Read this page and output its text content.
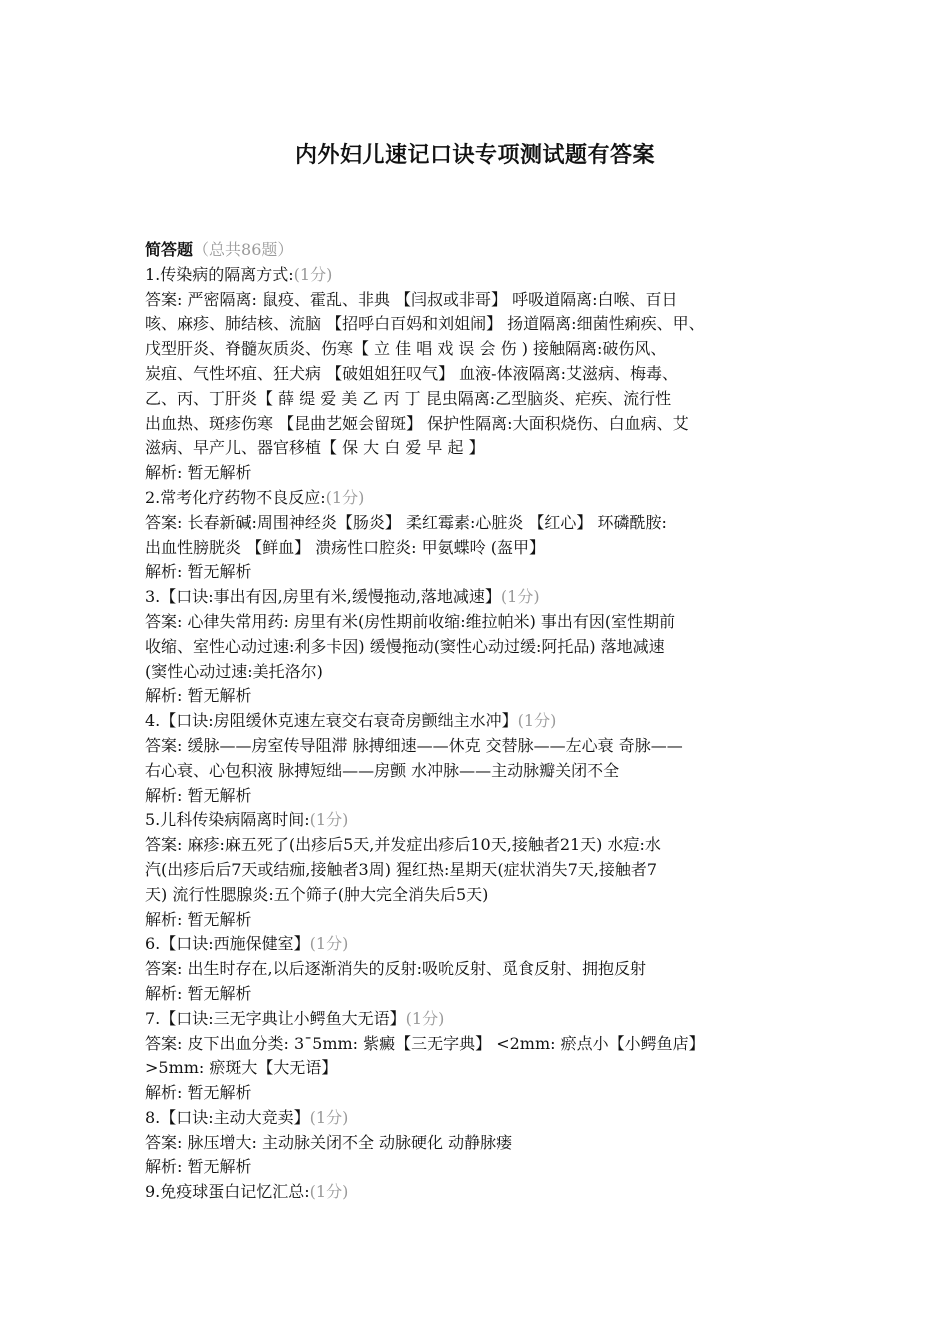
内外妇儿速记口诀专项测试题有答案
简答题（总共86题）
1.传染病的隔离方式:(1分)
答案: 严密隔离: 鼠疫、霍乱、非典 【闫叔或非哥】 呼吸道隔离:白喉、百日
咳、麻疹、肺结核、流脑 【招呼白百妈和刘姐闹】 扬道隔离:细菌性痢疾、甲、
戊型肝炎、脊髓灰质炎、伤寒【 立 佳 唱 戏 误 会 伤 ) 接触隔离:破伤风、
炭疽、气性坏疽、狂犬病 【破姐姐狂叹气】 血液-体液隔离:艾滋病、梅毒、
乙、丙、丁肝炎【 薛 缇 爱 美 乙 丙 丁 昆虫隔离:乙型脑炎、疟疾、流行性
出血热、斑疹伤寒 【昆曲艺姬会留斑】 保护性隔离:大面积烧伤、白血病、艾
滋病、早产儿、器官移植【 保 大 白 爱 早 起 】
解析: 暂无解析
2.常考化疗药物不良反应:(1分)
答案: 长春新碱:周围神经炎【肠炎】 柔红霉素:心脏炎 【红心】 环磷酰胺:
出血性膀胱炎 【鲜血】 溃疡性口腔炎: 甲氨蝶呤 (盔甲】
解析: 暂无解析
3.【口诀:事出有因,房里有米,缓慢拖动,落地减速】(1分)
答案: 心律失常用药: 房里有米(房性期前收缩:维拉帕米) 事出有因(室性期前
收缩、室性心动过速:利多卡因) 缓慢拖动(窦性心动过缓:阿托品) 落地减速
(窦性心动过速:美托洛尔)
解析: 暂无解析
4.【口诀:房阻缓休克速左衰交右衰奇房颤绌主水冲】(1分)
答案: 缓脉——房室传导阻滞 脉搏细速——休克 交替脉——左心衰 奇脉——
右心衰、心包积液 脉搏短绌——房颤 水冲脉——主动脉瓣关闭不全
解析: 暂无解析
5.儿科传染病隔离时间:(1分)
答案: 麻疹:麻五死了(出疹后5天,并发症出疹后10天,接触者21天) 水痘:水
汽(出疹后后7天或结痂,接触者3周) 猩红热:星期天(症状消失7天,接触者7
天) 流行性腮腺炎:五个筛子(肿大完全消失后5天)
解析: 暂无解析
6.【口诀:西施保健室】(1分)
答案: 出生时存在,以后逐渐消失的反射:吸吮反射、觅食反射、拥抱反射
解析: 暂无解析
7.【口诀:三无字典让小鳄鱼大无语】(1分)
答案: 皮下出血分类: 3¯5mm: 紫癜【三无字典】 <2mm: 瘀点小【小鳄鱼店】
>5mm: 瘀斑大【大无语】
解析: 暂无解析
8.【口诀:主动大竞卖】(1分)
答案: 脉压增大: 主动脉关闭不全 动脉硬化 动静脉瘘
解析: 暂无解析
9.免疫球蛋白记忆汇总:(1分)
